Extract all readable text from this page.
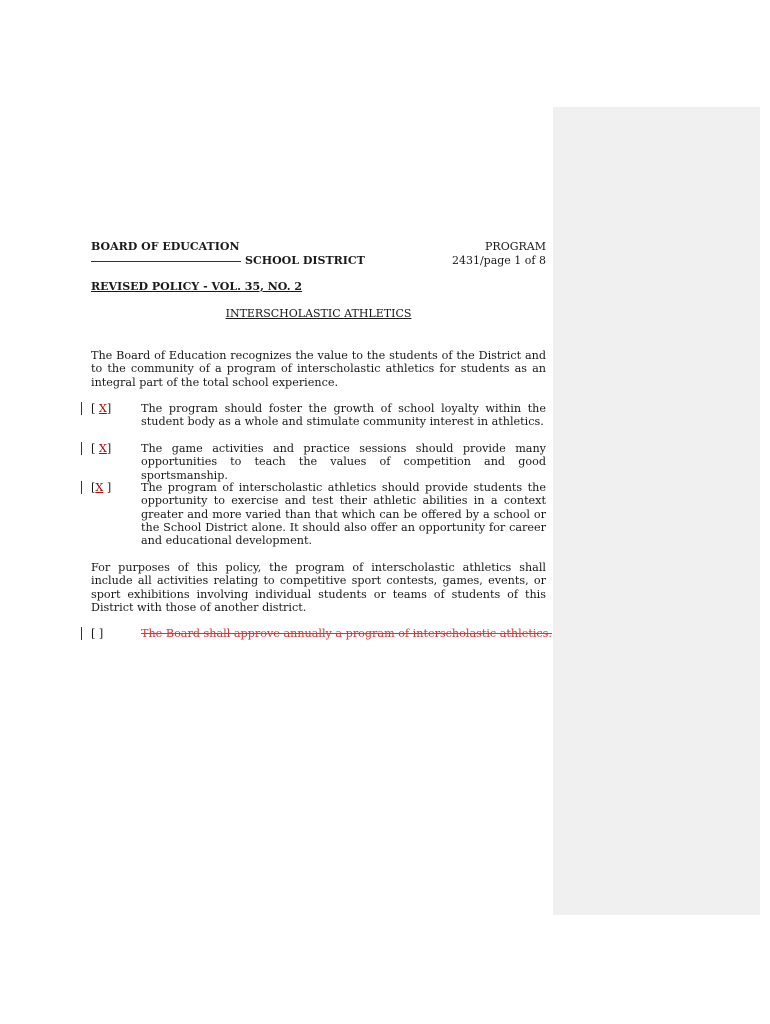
BOARD OF EDUCATION	PROGRAM
SCHOOL DISTRICT	2431/page 1 of 8
REVISED POLICY - VOL. 35, NO. 2
INTERSCHOLASTIC ATHLETICS

The Board of Education recognizes the value to the students of the District and to the community of a program of interscholastic athletics for students as an integral part of the total school experience.

[ X]	The program should foster the growth of school loyalty within the student body as a whole and stimulate community interest in athletics.

[ X]	The game activities and practice sessions should provide many opportunities to teach the values of competition and good sportsmanship.

[X ]	The program of interscholastic athletics should provide students the opportunity to exercise and test their athletic abilities in a context greater and more varied than that which can be offered by a school or the School District alone. It should also offer an opportunity for career and educational development.

For purposes of this policy, the program of interscholastic athletics shall include all activities relating to competitive sport contests, games, events, or sport exhibitions involving individual students or teams of students of this District with those of another district.

[ ]	The Board shall approve annually a program of interscholastic athletics.
